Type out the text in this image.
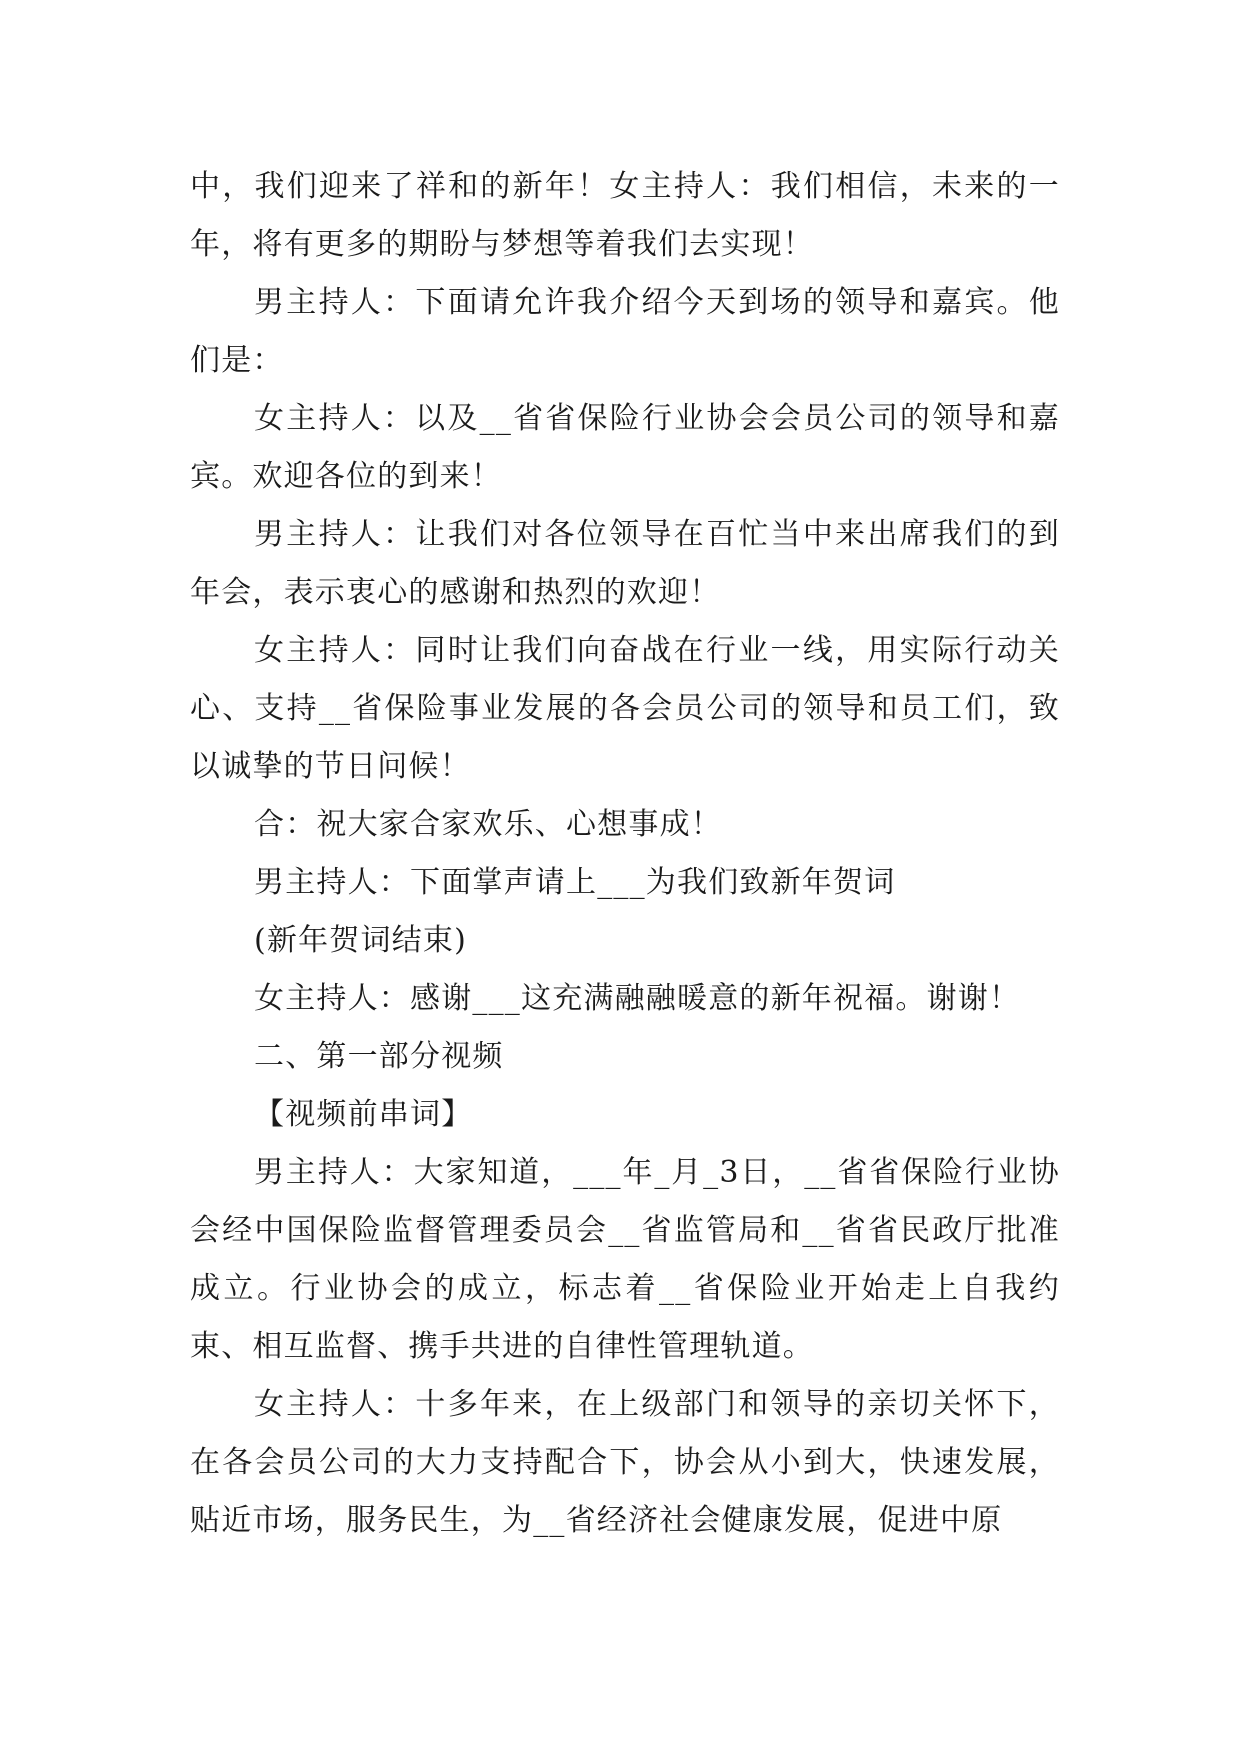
中，我们迎来了祥和的新年！女主持人：我们相信，未来的一年，将有更多的期盼与梦想等着我们去实现！

男主持人：下面请允许我介绍今天到场的领导和嘉宾。他们是：

女主持人：以及__省省保险行业协会会员公司的领导和嘉宾。欢迎各位的到来！

男主持人：让我们对各位领导在百忙当中来出席我们的到年会，表示衷心的感谢和热烈的欢迎！

女主持人：同时让我们向奋战在行业一线，用实际行动关心、支持__省保险事业发展的各会员公司的领导和员工们，致以诚挚的节日问候！

合：祝大家合家欢乐、心想事成！

男主持人：下面掌声请上___为我们致新年贺词

(新年贺词结束)

女主持人：感谢___这充满融融暖意的新年祝福。谢谢！

二、第一部分视频

【视频前串词】

男主持人：大家知道，___年_月_3日，__省省保险行业协会经中国保险监督管理委员会__省监管局和__省省民政厅批准成立。行业协会的成立，标志着__省保险业开始走上自我约束、相互监督、携手共进的自律性管理轨道。

女主持人：十多年来，在上级部门和领导的亲切关怀下，在各会员公司的大力支持配合下，协会从小到大，快速发展，贴近市场，服务民生，为__省经济社会健康发展，促进中原
